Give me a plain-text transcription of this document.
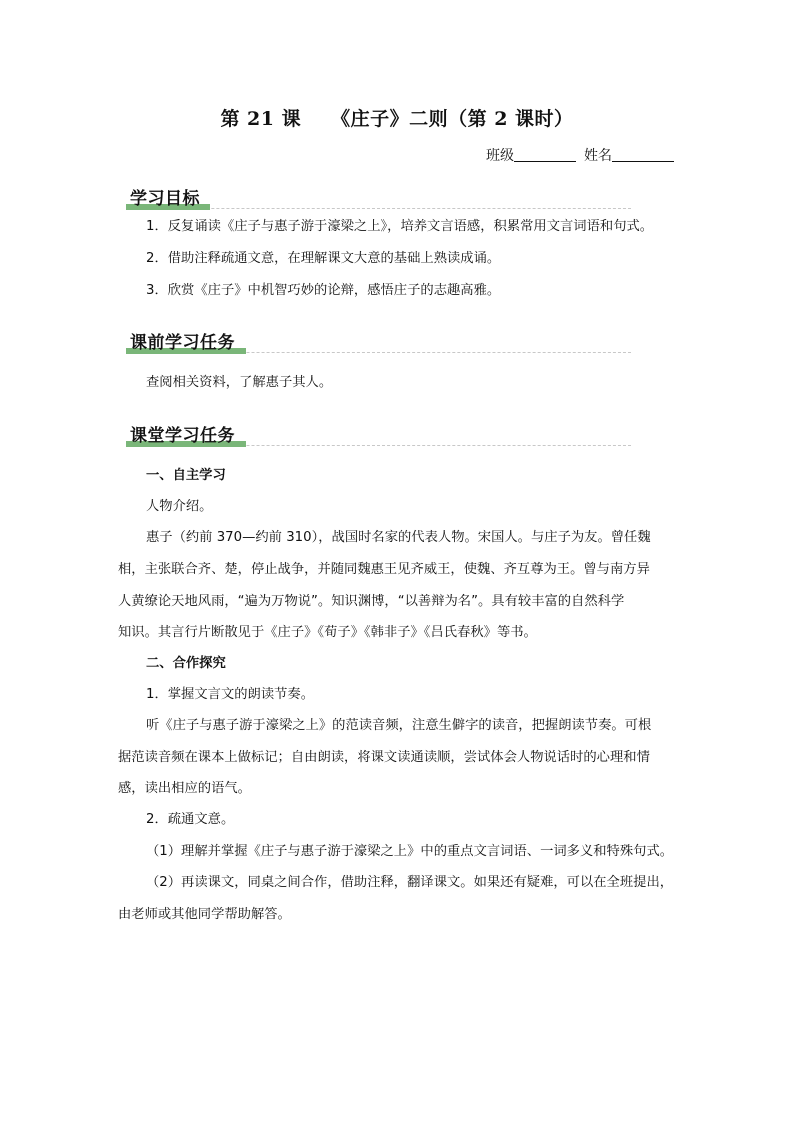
第 21 课 《庄子》二则（第 2 课时）
班级	姓名
学习目标
1．反复诵读《庄子与惠子游于濠梁之上》，培养文言语感，积累常用文言词语和句式。
2．借助注释疏通文意，在理解课文大意的基础上熟读成诵。
3．欣赏《庄子》中机智巧妙的论辩，感悟庄子的志趣高雅。
课前学习任务
查阅相关资料，了解惠子其人。
课堂学习任务
一、自主学习
人物介绍。
惠子（约前 370—约前 310），战国时名家的代表人物。宋国人。与庄子为友。曾任魏
相，主张联合齐、楚，停止战争，并随同魏惠王见齐威王，使魏、齐互尊为王。曾与南方异
人黄缭论天地风雨，“遍为万物说”。知识渊博，“以善辩为名”。具有较丰富的自然科学
知识。其言行片断散见于《庄子》《荀子》《韩非子》《吕氏春秋》等书。
二、合作探究
1．掌握文言文的朗读节奏。
听《庄子与惠子游于濠梁之上》的范读音频，注意生僻字的读音，把握朗读节奏。可根
据范读音频在课本上做标记；自由朗读，将课文读通读顺，尝试体会人物说话时的心理和情
感，读出相应的语气。
2．疏通文意。
（1）理解并掌握《庄子与惠子游于濠梁之上》中的重点文言词语、一词多义和特殊句式。
（2）再读课文，同桌之间合作，借助注释，翻译课文。如果还有疑难，可以在全班提出，
由老师或其他同学帮助解答。
